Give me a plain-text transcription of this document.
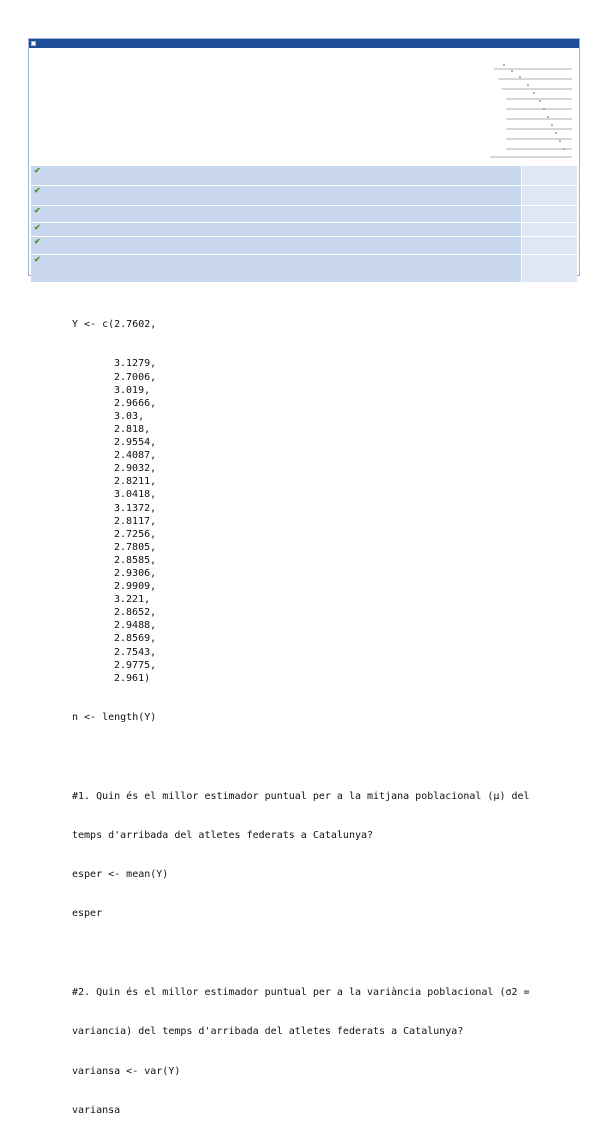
✔
✔
✔
✔
✔
✔

Y <- c(2.7602,

3.1279,
2.7006,
3.019,
2.9666,
3.03,
2.818,
2.9554,
2.4087,
2.9032,
2.8211,
3.0418,
3.1372,
2.8117,
2.7256,
2.7805,
2.8585,
2.9306,
2.9909,
3.221,
2.8652,
2.9488,
2.8569,
2.7543,
2.9775,
2.961)

n <- length(Y)

#1. Quin és el millor estimador puntual per a la mitjana poblacional (μ) del

temps d'arribada del atletes federats a Catalunya?

esper <- mean(Y)

esper

#2. Quin és el millor estimador puntual per a la variància poblacional (σ2 =

variancia) del temps d'arribada del atletes federats a Catalunya?

variansa <- var(Y)

variansa
